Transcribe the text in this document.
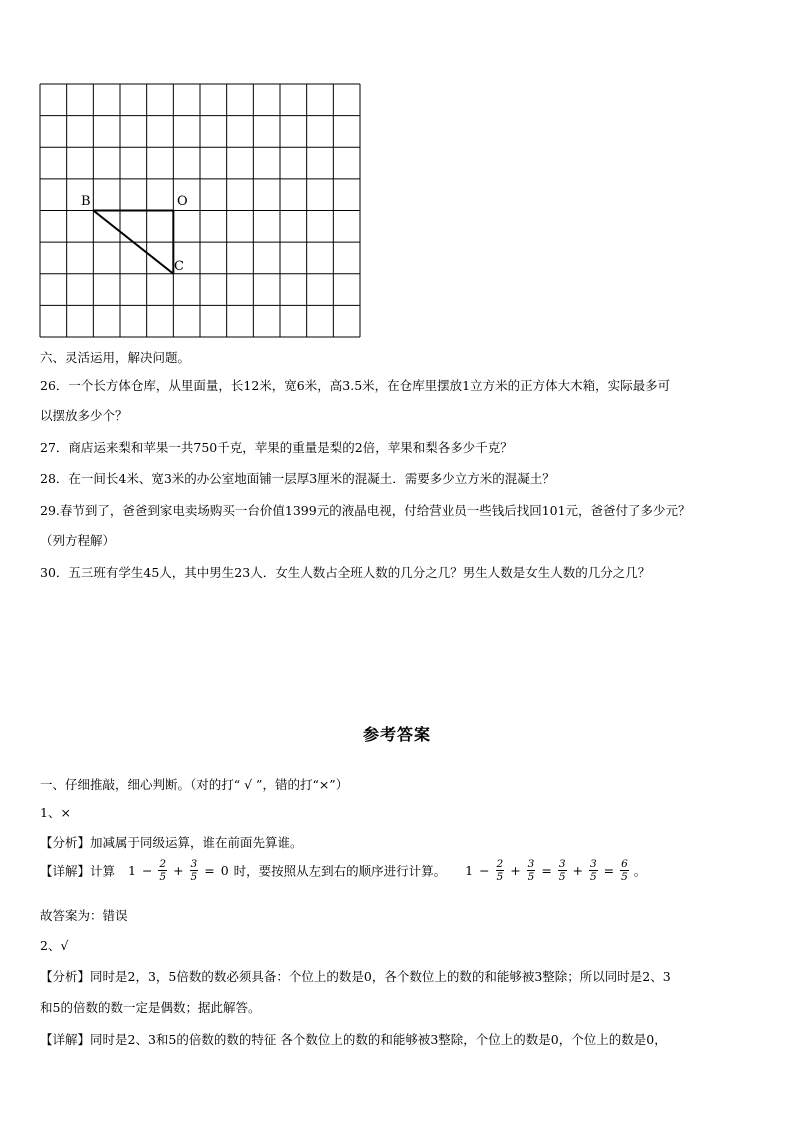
B	O
C
六、灵活运用，解决问题。
26．一个长方体仓库，从里面量，长12米，宽6米，高3.5米，在仓库里摆放1立方米的正方体大木箱，实际最多可
以摆放多少个？
27．商店运来梨和苹果一共750千克，苹果的重量是梨的2倍，苹果和梨各多少千克？
28．在一间长4米、宽3米的办公室地面铺一层厚3厘米的混凝土．需要多少立方米的混凝土？
29.春节到了，爸爸到家电卖场购买一台价值1399元的液晶电视，付给营业员一些钱后找回101元，爸爸付了多少元？
（列方程解）
30．五三班有学生45人，其中男生23人．女生人数占全班人数的几分之几？男生人数是女生人数的几分之几？
参考答案
一、仔细推敲，细心判断。（对的打“ √ ”，错的打“×”）
1、×
【分析】加减属于同级运算，谁在前面先算谁。
【详解】计算 $1 - \frac{2}{5} + \frac{3}{5} = 0$ 时，要按照从左到右的顺序进行计算。 $1 - \frac{2}{5} + \frac{3}{5} = \frac{3}{5} + \frac{3}{5} = \frac{6}{5}$ 。
故答案为：错误
2、√
【分析】同时是2，3，5倍数的数必须具备：个位上的数是0，各个数位上的数的和能够被3整除；所以同时是2、3
和5的倍数的数一定是偶数；据此解答。
【详解】同时是2、3和5的倍数的数的特征 各个数位上的数的和能够被3整除，个位上的数是0，个位上的数是0，
